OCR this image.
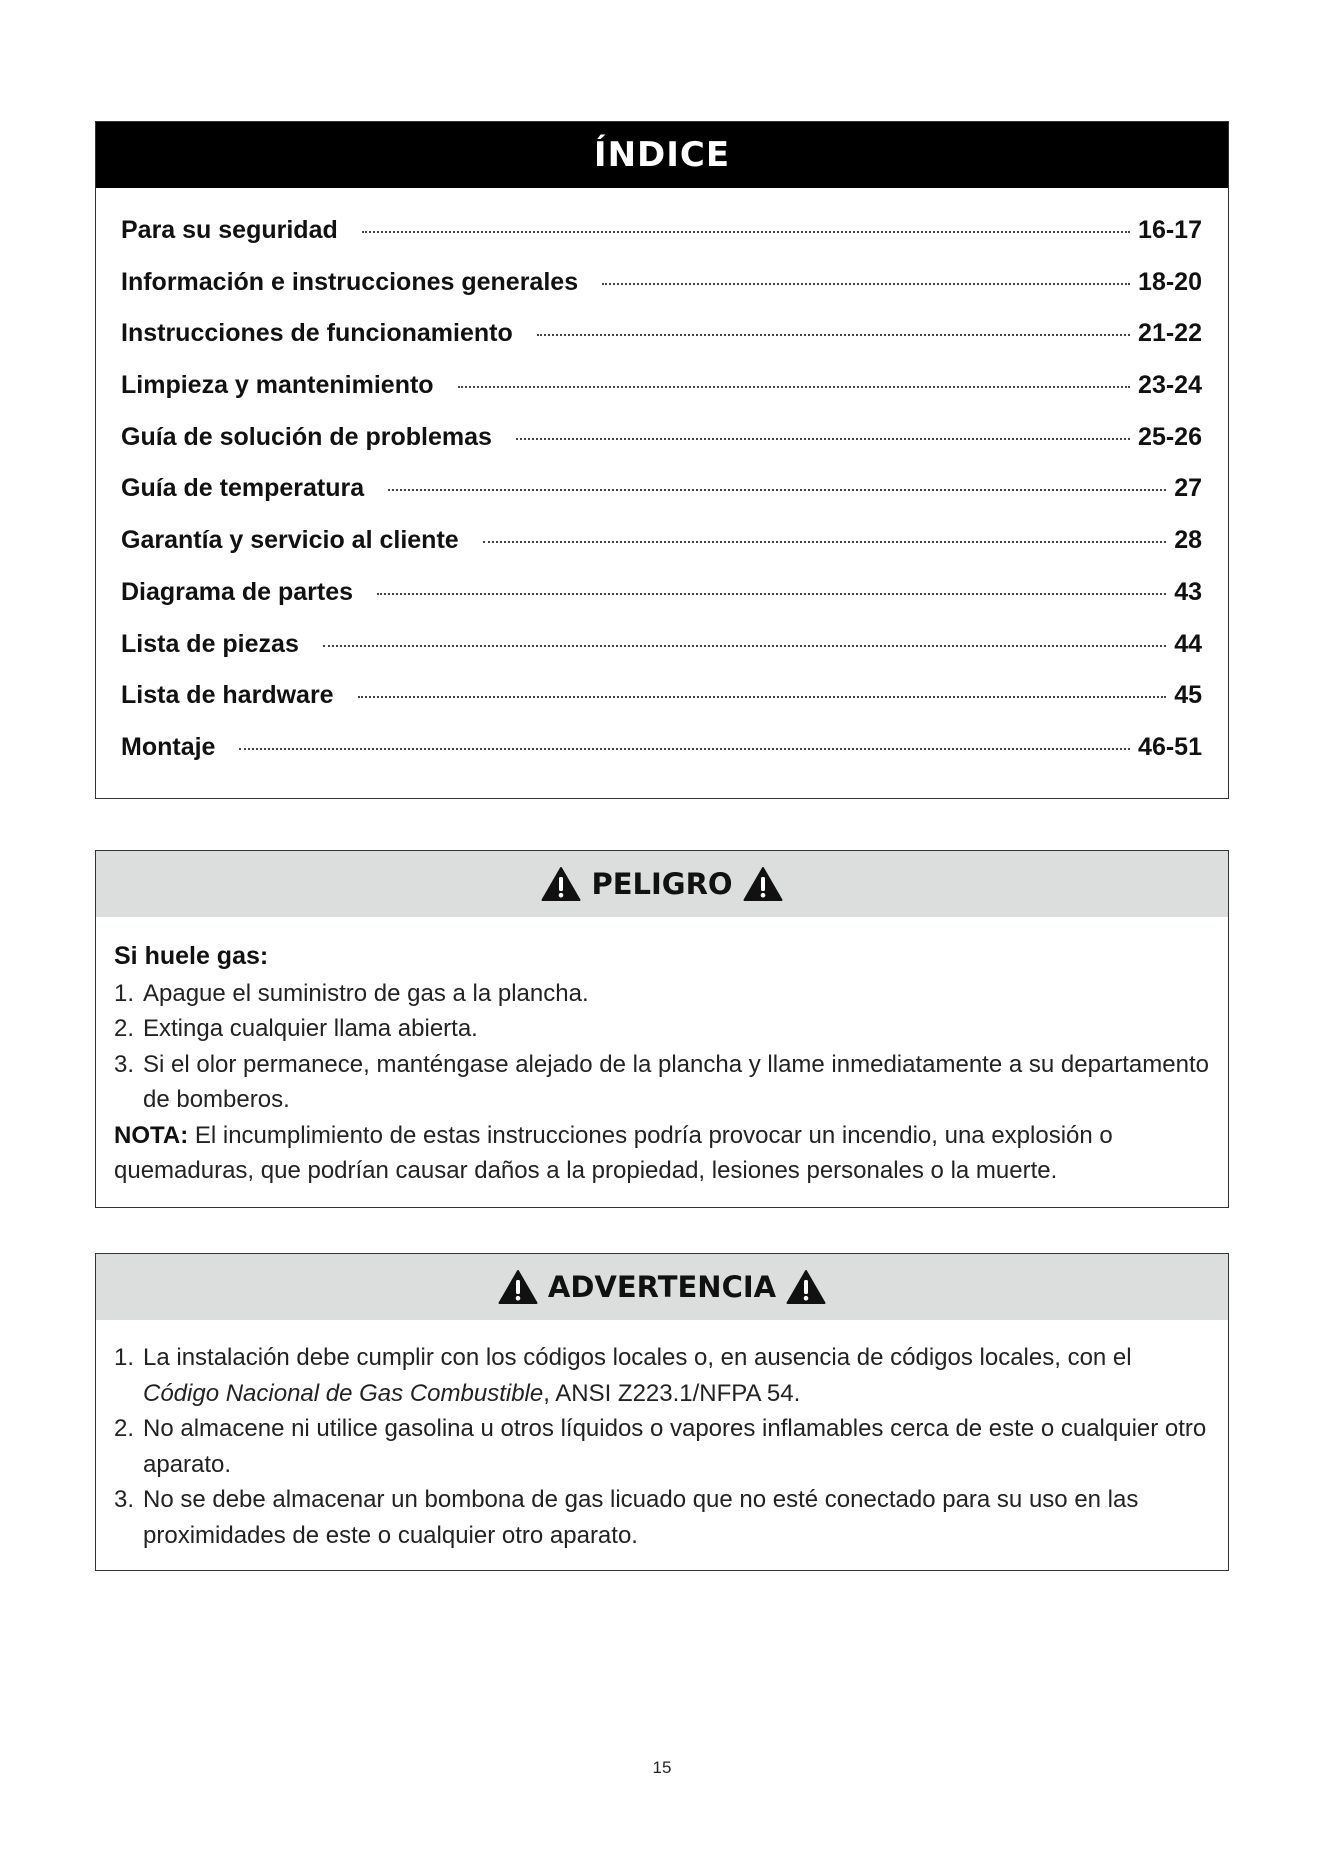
ÍNDICE
Para su seguridad	16-17
Información e instrucciones generales	18-20
Instrucciones de funcionamiento	21-22
Limpieza y mantenimiento	23-24
Guía de solución de problemas	25-26
Guía de temperatura	27
Garantía y servicio al cliente	28
Diagrama de partes	43
Lista de piezas	44
Lista de hardware	45
Montaje	46-51
PELIGRO
Si huele gas:
1. Apague el suministro de gas a la plancha.
2. Extinga cualquier llama abierta.
3. Si el olor permanece, manténgase alejado de la plancha y llame inmediatamente a su departamento de bomberos.

NOTA: El incumplimiento de estas instrucciones podría provocar un incendio, una explosión o quemaduras, que podrían causar daños a la propiedad, lesiones personales o la muerte.

ADVERTENCIA
1. La instalación debe cumplir con los códigos locales o, en ausencia de códigos locales, con el Código Nacional de Gas Combustible, ANSI Z223.1/NFPA 54.
2. No almacene ni utilice gasolina u otros líquidos o vapores inflamables cerca de este o cualquier otro aparato.
3. No se debe almacenar un bombona de gas licuado que no esté conectado para su uso en las proximidades de este o cualquier otro aparato.
15
